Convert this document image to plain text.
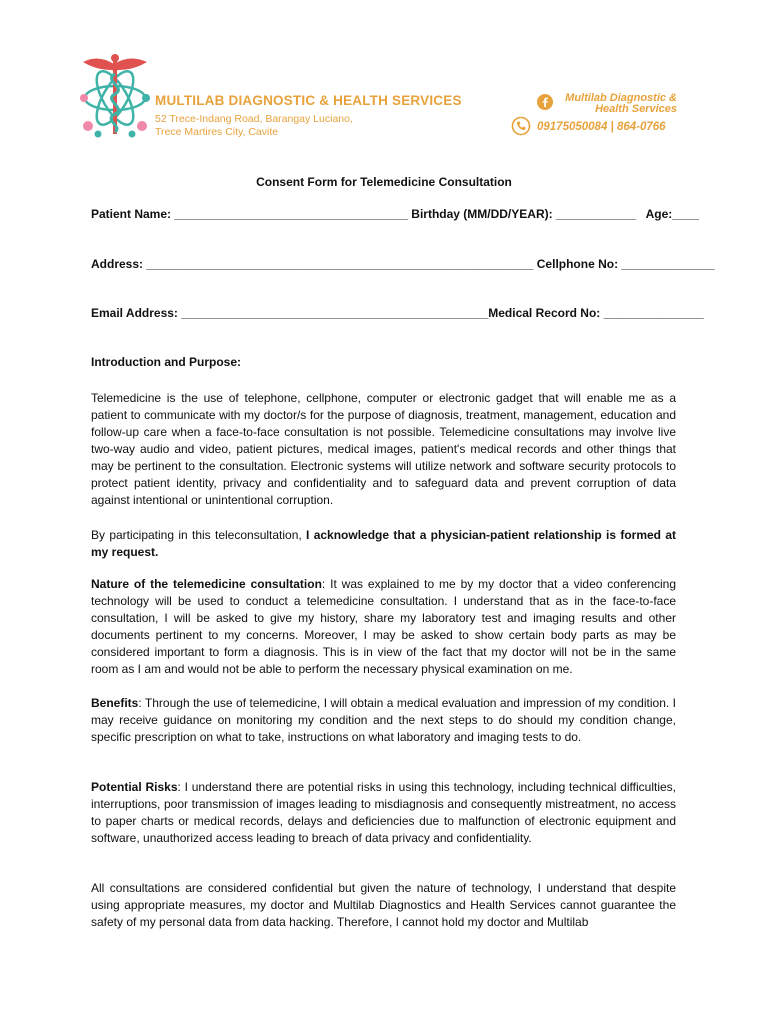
MULTILAB DIAGNOSTIC & HEALTH SERVICES
52 Trece-Indang Road, Barangay Luciano,
Trece Martires City, Cavite
Multilab Diagnostic &
Health Services
09175050084 | 864-0766
Consent Form for Telemedicine Consultation
Patient Name: ___________________________________ Birthday (MM/DD/YEAR): ____________   Age:____
Address: __________________________________________________________ Cellphone No: ______________
Email Address: ______________________________________________Medical Record No: _______________
Introduction and Purpose:
Telemedicine is the use of telephone, cellphone, computer or electronic gadget that will enable me as a patient to communicate with my doctor/s for the purpose of diagnosis, treatment, management, education and follow-up care when a face-to-face consultation is not possible. Telemedicine consultations may involve live two-way audio and video, patient pictures, medical images, patient's medical records and other things that may be pertinent to the consultation. Electronic systems will utilize network and software security protocols to protect patient identity, privacy and confidentiality and to safeguard data and prevent corruption of data against intentional or unintentional corruption.
By participating in this teleconsultation, I acknowledge that a physician-patient relationship is formed at my request.
Nature of the telemedicine consultation: It was explained to me by my doctor that a video conferencing technology will be used to conduct a telemedicine consultation. I understand that as in the face-to-face consultation, I will be asked to give my history, share my laboratory test and imaging results and other documents pertinent to my concerns. Moreover, I may be asked to show certain body parts as may be considered important to form a diagnosis. This is in view of the fact that my doctor will not be in the same room as I am and would not be able to perform the necessary physical examination on me.
Benefits: Through the use of telemedicine, I will obtain a medical evaluation and impression of my condition. I may receive guidance on monitoring my condition and the next steps to do should my condition change, specific prescription on what to take, instructions on what laboratory and imaging tests to do.
Potential Risks: I understand there are potential risks in using this technology, including technical difficulties, interruptions, poor transmission of images leading to misdiagnosis and consequently mistreatment, no access to paper charts or medical records, delays and deficiencies due to malfunction of electronic equipment and software, unauthorized access leading to breach of data privacy and confidentiality.
All consultations are considered confidential but given the nature of technology, I understand that despite using appropriate measures, my doctor and Multilab Diagnostics and Health Services cannot guarantee the safety of my personal data from data hacking. Therefore, I cannot hold my doctor and Multilab
